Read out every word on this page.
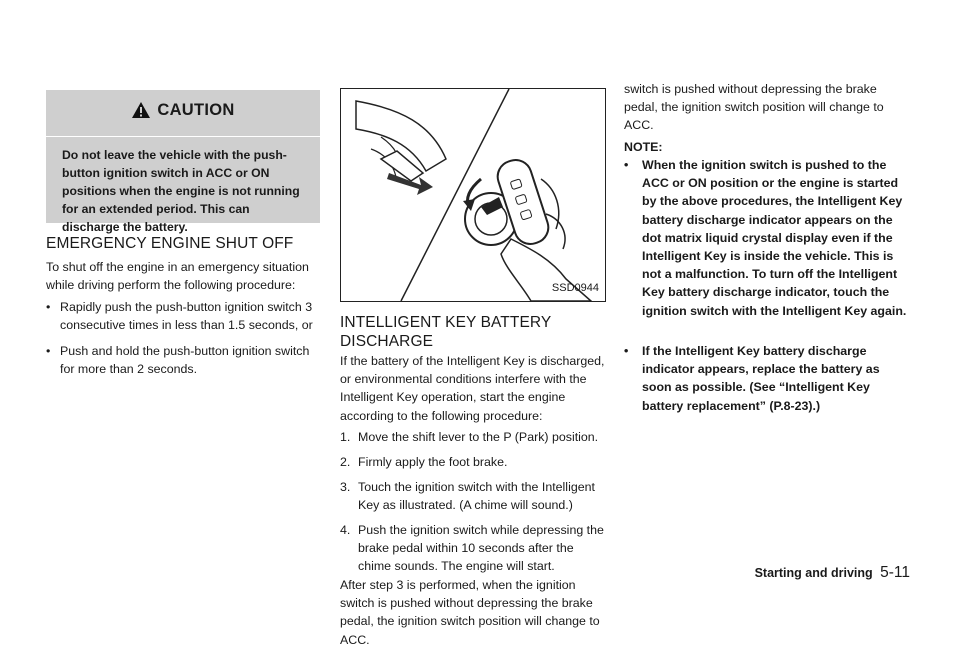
CAUTION
Do not leave the vehicle with the push-button ignition switch in ACC or ON positions when the engine is not running for an extended period. This can discharge the battery.
EMERGENCY ENGINE SHUT OFF
To shut off the engine in an emergency situation while driving perform the following procedure:
• Rapidly push the push-button ignition switch 3 consecutive times in less than 1.5 seconds, or
• Push and hold the push-button ignition switch for more than 2 seconds.
SSD0944
INTELLIGENT KEY BATTERY DISCHARGE
If the battery of the Intelligent Key is discharged, or environmental conditions interfere with the Intelligent Key operation, start the engine according to the following procedure:
1. Move the shift lever to the P (Park) position.
2. Firmly apply the foot brake.
3. Touch the ignition switch with the Intelligent Key as illustrated. (A chime will sound.)
4. Push the ignition switch while depressing the brake pedal within 10 seconds after the chime sounds. The engine will start.
After step 3 is performed, when the ignition switch is pushed without depressing the brake pedal, the ignition switch position will change to ACC.
switch is pushed without depressing the brake pedal, the ignition switch position will change to ACC.
NOTE:
• When the ignition switch is pushed to the ACC or ON position or the engine is started by the above procedures, the Intelligent Key battery discharge indicator appears on the dot matrix liquid crystal display even if the Intelligent Key is inside the vehicle. This is not a malfunction. To turn off the Intelligent Key battery discharge indicator, touch the ignition switch with the Intelligent Key again.
• If the Intelligent Key battery discharge indicator appears, replace the battery as soon as possible. (See “Intelligent Key battery replacement” (P.8-23).)
Starting and driving 5-11
